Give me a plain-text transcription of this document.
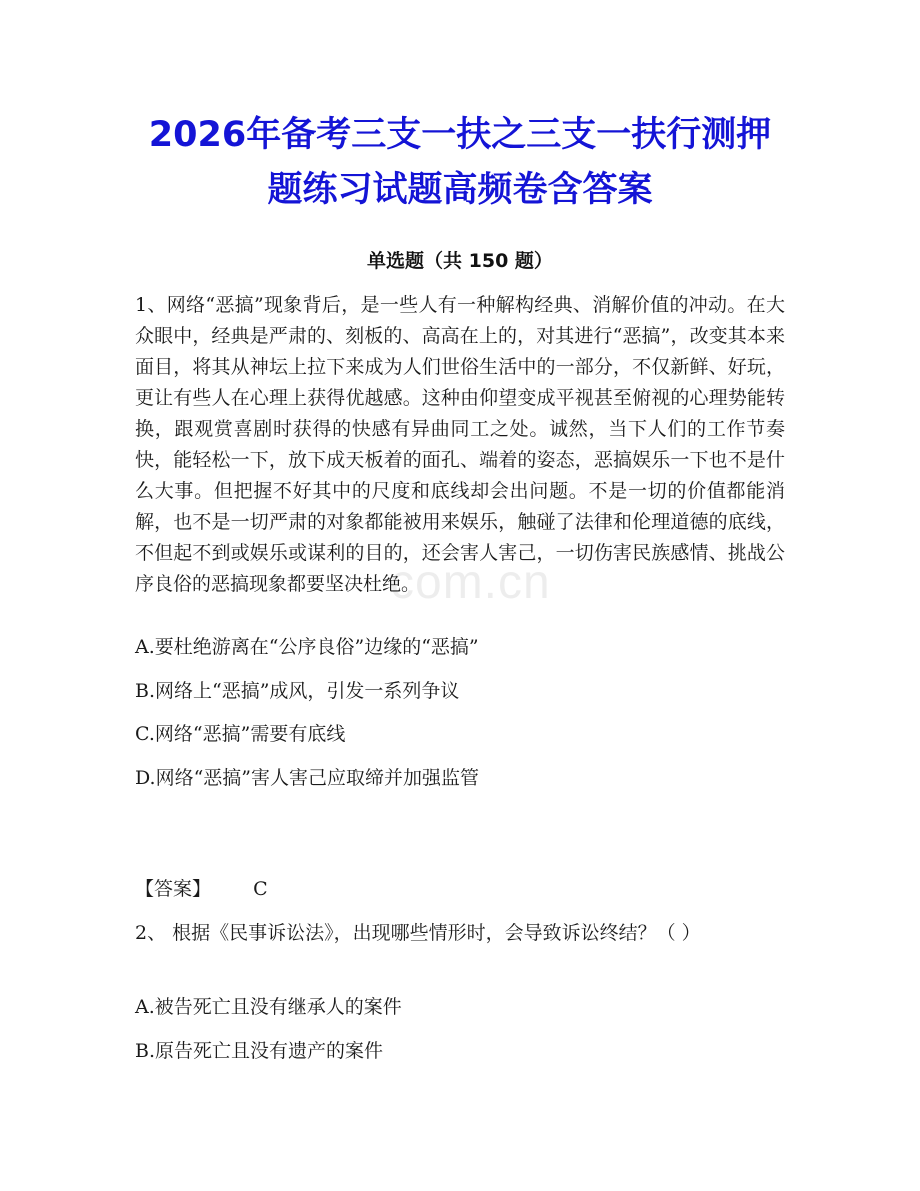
2026年备考三支一扶之三支一扶行测押
题练习试题高频卷含答案
单选题（共 150 题）
1、网络“恶搞”现象背后，是一些人有一种解构经典、消解价值的冲动。在大众眼中，经典是严肃的、刻板的、高高在上的，对其进行“恶搞”，改变其本来面目，将其从神坛上拉下来成为人们世俗生活中的一部分，不仅新鲜、好玩，更让有些人在心理上获得优越感。这种由仰望变成平视甚至俯视的心理势能转换，跟观赏喜剧时获得的快感有异曲同工之处。诚然，当下人们的工作节奏快，能轻松一下，放下成天板着的面孔、端着的姿态，恶搞娱乐一下也不是什么大事。但把握不好其中的尺度和底线却会出问题。不是一切的价值都能消解，也不是一切严肃的对象都能被用来娱乐，触碰了法律和伦理道德的底线，不但起不到或娱乐或谋利的目的，还会害人害己，一切伤害民族感情、挑战公序良俗的恶搞现象都要坚决杜绝。
A.要杜绝游离在“公序良俗”边缘的“恶搞”
B.网络上“恶搞”成风，引发一系列争议
C.网络“恶搞”需要有底线
D.网络“恶搞”害人害己应取缔并加强监管
【答案】 C
2、 根据《民事诉讼法》，出现哪些情形时，会导致诉讼终结？（ ）
A.被告死亡且没有继承人的案件
B.原告死亡且没有遗产的案件
com.cn
